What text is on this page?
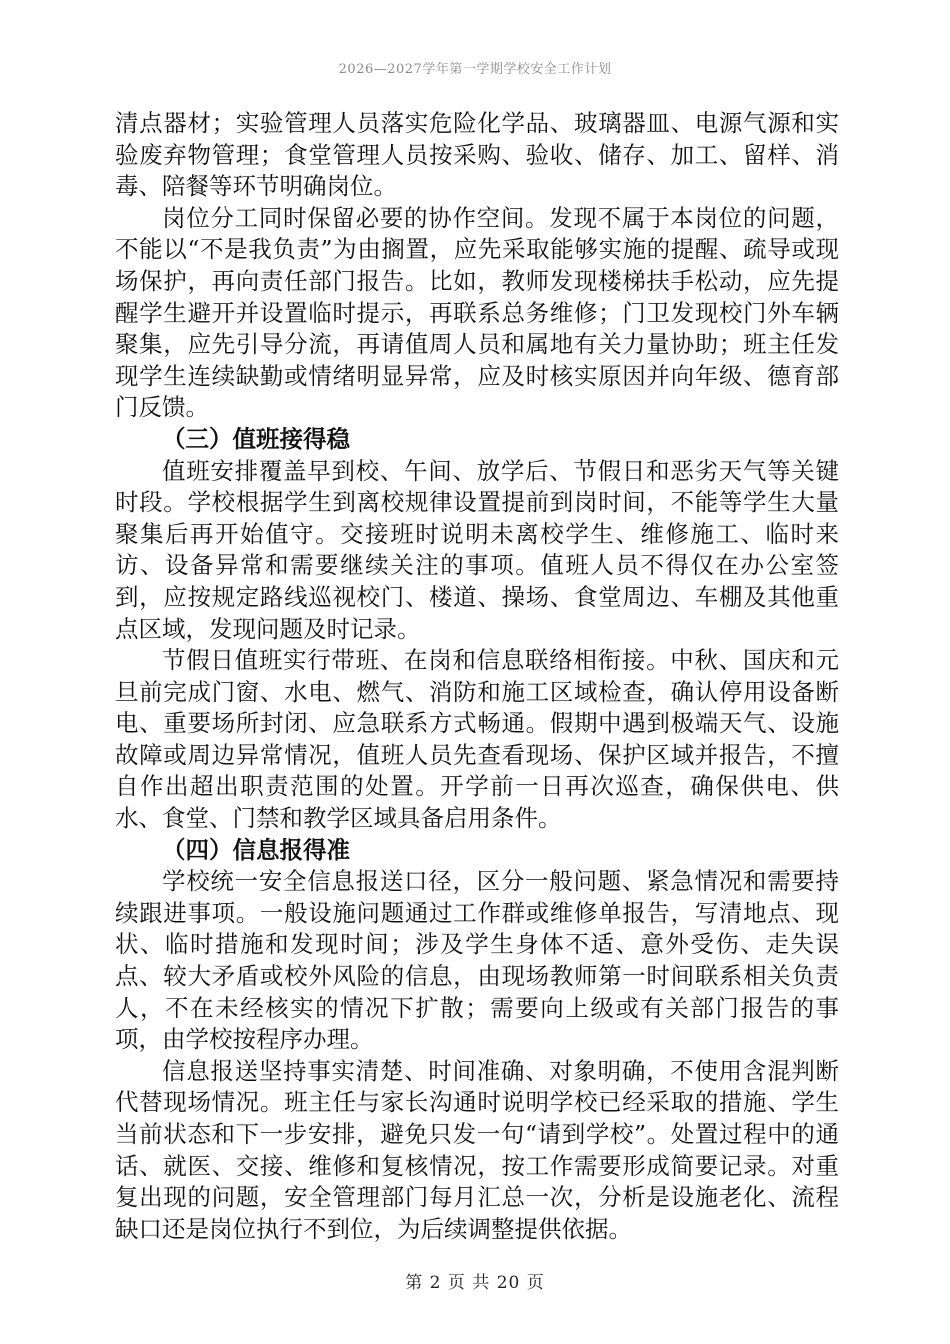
2026—2027学年第一学期学校安全工作计划

清点器材；实验管理人员落实危险化学品、玻璃器皿、电源气源和实验废弃物管理；食堂管理人员按采购、验收、储存、加工、留样、消毒、陪餐等环节明确岗位。

岗位分工同时保留必要的协作空间。发现不属于本岗位的问题，不能以“不是我负责”为由搁置，应先采取能够实施的提醒、疏导或现场保护，再向责任部门报告。比如，教师发现楼梯扶手松动，应先提醒学生避开并设置临时提示，再联系总务维修；门卫发现校门外车辆聚集，应先引导分流，再请值周人员和属地有关力量协助；班主任发现学生连续缺勤或情绪明显异常，应及时核实原因并向年级、德育部门反馈。

（三）值班接得稳

值班安排覆盖早到校、午间、放学后、节假日和恶劣天气等关键时段。学校根据学生到离校规律设置提前到岗时间，不能等学生大量聚集后再开始值守。交接班时说明未离校学生、维修施工、临时来访、设备异常和需要继续关注的事项。值班人员不得仅在办公室签到，应按规定路线巡视校门、楼道、操场、食堂周边、车棚及其他重点区域，发现问题及时记录。

节假日值班实行带班、在岗和信息联络相衔接。中秋、国庆和元旦前完成门窗、水电、燃气、消防和施工区域检查，确认停用设备断电、重要场所封闭、应急联系方式畅通。假期中遇到极端天气、设施故障或周边异常情况，值班人员先查看现场、保护区域并报告，不擅自作出超出职责范围的处置。开学前一日再次巡查，确保供电、供水、食堂、门禁和教学区域具备启用条件。

（四）信息报得准

学校统一安全信息报送口径，区分一般问题、紧急情况和需要持续跟进事项。一般设施问题通过工作群或维修单报告，写清地点、现状、临时措施和发现时间；涉及学生身体不适、意外受伤、走失误点、较大矛盾或校外风险的信息，由现场教师第一时间联系相关负责人，不在未经核实的情况下扩散；需要向上级或有关部门报告的事项，由学校按程序办理。

信息报送坚持事实清楚、时间准确、对象明确，不使用含混判断代替现场情况。班主任与家长沟通时说明学校已经采取的措施、学生当前状态和下一步安排，避免只发一句“请到学校”。处置过程中的通话、就医、交接、维修和复核情况，按工作需要形成简要记录。对重复出现的问题，安全管理部门每月汇总一次，分析是设施老化、流程缺口还是岗位执行不到位，为后续调整提供依据。

第 2 页 共 20 页
